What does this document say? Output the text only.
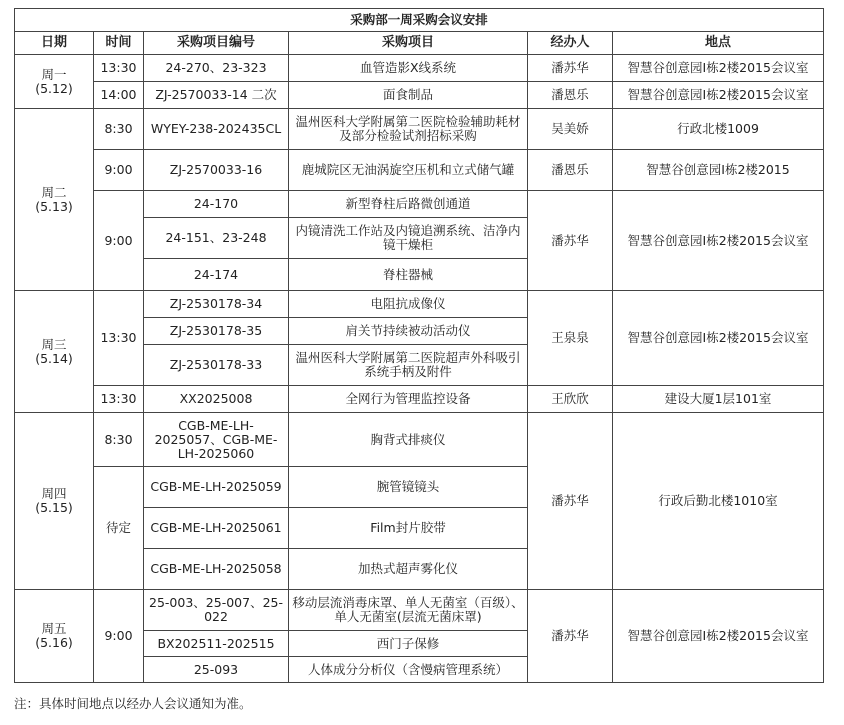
采购部一周采购会议安排					
日期	时间	采购项目编号	采购项目	经办人	地点
周一
(5.12)	13:30	24-270、23-323	血管造影X线系统	潘苏华	智慧谷创意园I栋2楼2015会议室
	14:00	ZJ-2570033-14 二次	面食制品	潘恩乐	智慧谷创意园I栋2楼2015会议室
周二
(5.13)	8:30	WYEY-238-202435CL	温州医科大学附属第二医院检验辅助耗材及部分检验试剂招标采购	吴美娇	行政北楼1009
	9:00	ZJ-2570033-16	鹿城院区无油涡旋空压机和立式储气罐	潘恩乐	智慧谷创意园I栋2楼2015
	9:00	24-170	新型脊柱后路微创通道	潘苏华	智慧谷创意园I栋2楼2015会议室
		24-151、23-248	内镜清洗工作站及内镜追溯系统、洁净内镜干燥柜		
		24-174	脊柱器械		
周三
(5.14)	13:30	ZJ-2530178-34	电阻抗成像仪	王泉泉	智慧谷创意园I栋2楼2015会议室
		ZJ-2530178-35	肩关节持续被动活动仪		
		ZJ-2530178-33	温州医科大学附属第二医院超声外科吸引系统手柄及附件		
	13:30	XX2025008	全网行为管理监控设备	王欣欣	建设大厦1层101室
周四
(5.15)	8:30	CGB-ME-LH-2025057、CGB-ME-LH-2025060	胸背式排痰仪	潘苏华	行政后勤北楼1010室
	待定	CGB-ME-LH-2025059	腕管镜镜头		
		CGB-ME-LH-2025061	Film封片胶带		
		CGB-ME-LH-2025058	加热式超声雾化仪		
周五
(5.16)	9:00	25-003、25-007、25-022	移动层流消毒床罩、单人无菌室（百级）、单人无菌室(层流无菌床罩)	潘苏华	智慧谷创意园I栋2楼2015会议室
		BX202511-202515	西门子保修		
		25-093	人体成分分析仪（含慢病管理系统）		
注：具体时间地点以经办人会议通知为准。
